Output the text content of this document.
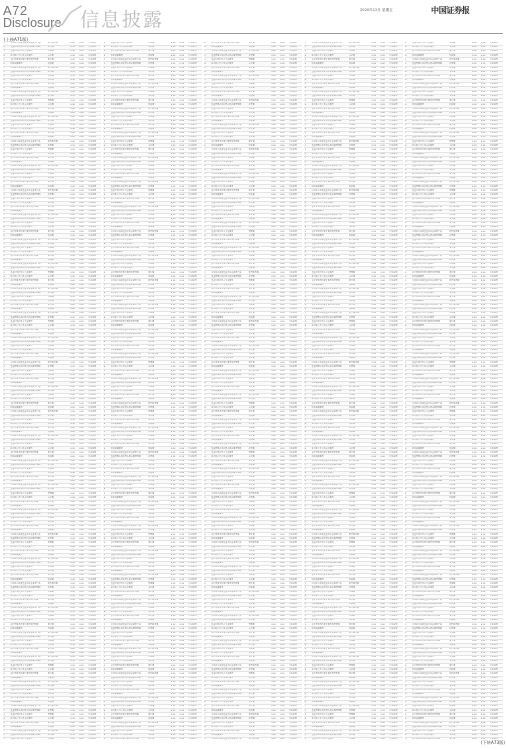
A72
Disclosure 信息披露	2020年12月 星期五	中国证券报
(上接A71版)
1	中国证券投资基金业协会备案产品	销售服务费	0.00	0.00	详见说明
2	基金管理人及托管人相关费用明细	托管费	0.25	0.10	详见说明
3	基金份额持有人大会费用	管理费	0.50	0.20	详见说明
4	证券账户开户及交易费用	交易费	0.30	0.05	详见说明
5	会计师事务所审计费用及律师费	审计费	0.00	0.00	详见说明
6	信息披露费用	信披费	0.00	0.00	详见说明
1	中国证券投资基金业协会备案产品	销售服务费	0.00	0.00	详见说明
2	基金管理人及托管人相关费用明细	托管费	0.25	0.10	详见说明
3	基金份额持有人大会费用	管理费	0.50	0.20	详见说明
4	证券账户开户及交易费用	交易费	0.30	0.05	详见说明
5	会计师事务所审计费用及律师费	审计费	0.00	0.00	详见说明
6	信息披露费用	信披费	0.00	0.00	详见说明
1	中国证券投资基金业协会备案产品	销售服务费	0.00	0.00	详见说明
2	基金管理人及托管人相关费用明细	托管费	0.25	0.10	详见说明
3	基金份额持有人大会费用	管理费	0.50	0.20	详见说明
4	证券账户开户及交易费用	交易费	0.30	0.05	详见说明
5	会计师事务所审计费用及律师费	审计费	0.00	0.00	详见说明
6	信息披露费用	信披费	0.00	0.00	详见说明
1	中国证券投资基金业协会备案产品	销售服务费	0.00	0.00	详见说明
2	基金管理人及托管人相关费用明细	托管费	0.25	0.10	详见说明
3	基金份额持有人大会费用	管理费	0.50	0.20	详见说明
4	证券账户开户及交易费用	交易费	0.30	0.05	详见说明
5	会计师事务所审计费用及律师费	审计费	0.00	0.00	详见说明
6	信息披露费用	信披费	0.00	0.00	详见说明
1	中国证券投资基金业协会备案产品	销售服务费	0.00	0.00	详见说明
2	基金管理人及托管人相关费用明细	托管费	0.25	0.10	详见说明
3	基金份额持有人大会费用	管理费	0.50	0.20	详见说明
4	证券账户开户及交易费用	交易费	0.30	0.05	详见说明
5	会计师事务所审计费用及律师费	审计费	0.00	0.00	详见说明
6	信息披露费用	信披费	0.00	0.00	详见说明
1	中国证券投资基金业协会备案产品	销售服务费	0.00	0.00	详见说明
2	基金管理人及托管人相关费用明细	托管费	0.25	0.10	详见说明
3	基金份额持有人大会费用	管理费	0.50	0.20	详见说明
4	证券账户开户及交易费用	交易费	0.30	0.05	详见说明
5	会计师事务所审计费用及律师费	审计费	0.00	0.00	详见说明
6	信息披露费用	信披费	0.00	0.00	详见说明
1	中国证券投资基金业协会备案产品	销售服务费	0.00	0.00	详见说明
2	基金管理人及托管人相关费用明细	托管费	0.25	0.10	详见说明
3	基金份额持有人大会费用	管理费	0.50	0.20	详见说明
4	证券账户开户及交易费用	交易费	0.30	0.05	详见说明
5	会计师事务所审计费用及律师费	审计费	0.00	0.00	详见说明
6	信息披露费用	信披费	0.00	0.00	详见说明
1	中国证券投资基金业协会备案产品	销售服务费	0.00	0.00	详见说明
2	基金管理人及托管人相关费用明细	托管费	0.25	0.10	详见说明
3	基金份额持有人大会费用	管理费	0.50	0.20	详见说明
4	证券账户开户及交易费用	交易费	0.30	0.05	详见说明
5	会计师事务所审计费用及律师费	审计费	0.00	0.00	详见说明
6	信息披露费用	信披费	0.00	0.00	详见说明
1	中国证券投资基金业协会备案产品	销售服务费	0.00	0.00	详见说明
2	基金管理人及托管人相关费用明细	托管费	0.25	0.10	详见说明
3	基金份额持有人大会费用	管理费	0.50	0.20	详见说明
4	证券账户开户及交易费用	交易费	0.30	0.05	详见说明
5	会计师事务所审计费用及律师费	审计费	0.00	0.00	详见说明
6	信息披露费用	信披费	0.00	0.00	详见说明
1	中国证券投资基金业协会备案产品	销售服务费	0.00	0.00	详见说明
2	基金管理人及托管人相关费用明细	托管费	0.25	0.10	详见说明
3	基金份额持有人大会费用	管理费	0.50	0.20	详见说明
4	证券账户开户及交易费用	交易费	0.30	0.05	详见说明
5	会计师事务所审计费用及律师费	审计费	0.00	0.00	详见说明
6	信息披露费用	信披费	0.00	0.00	详见说明
1	中国证券投资基金业协会备案产品	销售服务费	0.00	0.00	详见说明
2	基金管理人及托管人相关费用明细	托管费	0.25	0.10	详见说明
3	基金份额持有人大会费用	管理费	0.50	0.20	详见说明
4	证券账户开户及交易费用	交易费	0.30	0.05	详见说明
5	会计师事务所审计费用及律师费	审计费	0.00	0.00	详见说明
6	信息披露费用	信披费	0.00	0.00	详见说明
1	中国证券投资基金业协会备案产品	销售服务费	0.00	0.00	详见说明
2	基金管理人及托管人相关费用明细	托管费	0.25	0.10	详见说明
3	基金份额持有人大会费用	管理费	0.50	0.20	详见说明
4	证券账户开户及交易费用	交易费	0.30	0.05	详见说明
5	会计师事务所审计费用及律师费	审计费	0.00	0.00	详见说明
6	信息披露费用	信披费	0.00	0.00	详见说明
1	中国证券投资基金业协会备案产品	销售服务费	0.00	0.00	详见说明
2	基金管理人及托管人相关费用明细	托管费	0.25	0.10	详见说明
3	基金份额持有人大会费用	管理费	0.50	0.20	详见说明
4	证券账户开户及交易费用	交易费	0.30	0.05	详见说明
5	会计师事务所审计费用及律师费	审计费	0.00	0.00	详见说明
6	信息披露费用	信披费	0.00	0.00	详见说明
1	中国证券投资基金业协会备案产品	销售服务费	0.00	0.00	详见说明
2	基金管理人及托管人相关费用明细	托管费	0.25	0.10	详见说明
3	基金份额持有人大会费用	管理费	0.50	0.20	详见说明
4	证券账户开户及交易费用	交易费	0.30	0.05	详见说明
5	会计师事务所审计费用及律师费	审计费	0.00	0.00	详见说明
6	信息披露费用	信披费	0.00	0.00	详见说明
1	中国证券投资基金业协会备案产品	销售服务费	0.00	0.00	详见说明
2	基金管理人及托管人相关费用明细	托管费	0.25	0.10	详见说明
3	基金份额持有人大会费用	管理费	0.50	0.20	详见说明
4	证券账户开户及交易费用	交易费	0.30	0.05	详见说明
5	会计师事务所审计费用及律师费	审计费	0.00	0.00	详见说明
6	信息披露费用	信披费	0.00	0.00	详见说明
1	中国证券投资基金业协会备案产品	销售服务费	0.00	0.00	详见说明
2	基金管理人及托管人相关费用明细	托管费	0.25	0.10	详见说明
3	基金份额持有人大会费用	管理费	0.50	0.20	详见说明
4	证券账户开户及交易费用	交易费	0.30	0.05	详见说明
5	会计师事务所审计费用及律师费	审计费	0.00	0.00	详见说明
6	信息披露费用	信披费	0.00	0.00	详见说明
1	中国证券投资基金业协会备案产品	销售服务费	0.00	0.00	详见说明
2	基金管理人及托管人相关费用明细	托管费	0.25	0.10	详见说明
3	基金份额持有人大会费用	管理费	0.50	0.20	详见说明
4	证券账户开户及交易费用	交易费	0.30	0.05	详见说明
5	会计师事务所审计费用及律师费	审计费	0.00	0.00	详见说明
6	信息披露费用	信披费	0.00	0.00	详见说明
1	中国证券投资基金业协会备案产品	销售服务费	0.00	0.00	详见说明
2	基金管理人及托管人相关费用明细	托管费	0.25	0.10	详见说明
3	基金份额持有人大会费用	管理费	0.50	0.20	详见说明
4	证券账户开户及交易费用	交易费	0.30	0.05	详见说明
5	会计师事务所审计费用及律师费	审计费	0.00	0.00	详见说明
6	信息披露费用	信披费	0.00	0.00	详见说明
1	中国证券投资基金业协会备案产品	销售服务费	0.00	0.00	详见说明
2	基金管理人及托管人相关费用明细	托管费	0.25	0.10	详见说明
3	基金份额持有人大会费用	管理费	0.50	0.20	详见说明
4	证券账户开户及交易费用	交易费	0.30	0.05	详见说明
5	会计师事务所审计费用及律师费	审计费	0.00	0.00	详见说明
6	信息披露费用	信披费	0.00	0.00	详见说明
1	中国证券投资基金业协会备案产品	销售服务费	0.00	0.00	详见说明
2	基金管理人及托管人相关费用明细	托管费	0.25	0.10	详见说明
3	基金份额持有人大会费用	管理费	0.50	0.20	详见说明
4	证券账户开户及交易费用	交易费	0.30	0.05	详见说明
5	会计师事务所审计费用及律师费	审计费	0.00	0.00	详见说明
6	信息披露费用	信披费	0.00	0.00	详见说明
1	中国证券投资基金业协会备案产品	销售服务费	0.00	0.00	详见说明
2	基金管理人及托管人相关费用明细	托管费	0.25	0.10	详见说明
3	基金份额持有人大会费用	管理费	0.50	0.20	详见说明
4	证券账户开户及交易费用	交易费	0.30	0.05	详见说明
5	会计师事务所审计费用及律师费	审计费	0.00	0.00	详见说明
6	信息披露费用	信披费	0.00	0.00	详见说明
1	中国证券投资基金业协会备案产品	销售服务费	0.00	0.00	详见说明
2	基金管理人及托管人相关费用明细	托管费	0.25	0.10	详见说明
3	基金份额持有人大会费用	管理费	0.50	0.20	详见说明
4	证券账户开户及交易费用	交易费	0.30	0.05	详见说明
5	会计师事务所审计费用及律师费	审计费	0.00	0.00	详见说明
6	信息披露费用	信披费	0.00	0.00	详见说明
1	中国证券投资基金业协会备案产品	销售服务费	0.00	0.00	详见说明
2	基金管理人及托管人相关费用明细	托管费	0.25	0.10	详见说明
3	基金份额持有人大会费用	管理费	0.50	0.20	详见说明
4	证券账户开户及交易费用	交易费	0.30	0.05	详见说明
5	会计师事务所审计费用及律师费	审计费	0.00	0.00	详见说明
6	信息披露费用	信披费	0.00	0.00	详见说明
1	中国证券投资基金业协会备案产品	销售服务费	0.00	0.00	详见说明
2	基金管理人及托管人相关费用明细	托管费	0.25	0.10	详见说明
3	基金份额持有人大会费用	管理费	0.50	0.20	详见说明
4	证券账户开户及交易费用	交易费	0.30	0.05	详见说明
5	会计师事务所审计费用及律师费	审计费	0.00	0.00	详见说明
6	信息披露费用	信披费	0.00	0.00	详见说明
1	中国证券投资基金业协会备案产品	销售服务费	0.00	0.00	详见说明
2	基金管理人及托管人相关费用明细	托管费	0.25	0.10	详见说明
3	基金份额持有人大会费用	管理费	0.50	0.20	详见说明
4	证券账户开户及交易费用	交易费	0.30	0.05	详见说明
5	会计师事务所审计费用及律师费	审计费	0.00	0.00	详见说明
6	信息披露费用	信披费	0.00	0.00	详见说明
1	中国证券投资基金业协会备案产品	销售服务费	0.00	0.00	详见说明
2	基金管理人及托管人相关费用明细	托管费	0.25	0.10	详见说明
3	基金份额持有人大会费用	管理费	0.50	0.20	详见说明
4	证券账户开户及交易费用	交易费	0.30	0.05	详见说明
5	会计师事务所审计费用及律师费	审计费	0.00	0.00	详见说明
6	信息披露费用	信披费	0.00	0.00	详见说明
1	中国证券投资基金业协会备案产品	销售服务费	0.00	0.00	详见说明
2	基金管理人及托管人相关费用明细	托管费	0.25	0.10	详见说明
3	基金份额持有人大会费用	管理费	0.50	0.20	详见说明
4	证券账户开户及交易费用	交易费	0.30	0.05	详见说明
5	会计师事务所审计费用及律师费	审计费	0.00	0.00	详见说明
6	信息披露费用	信披费	0.00	0.00	详见说明
1	中国证券投资基金业协会备案产品	销售服务费	0.00	0.00	详见说明
2	基金管理人及托管人相关费用明细	托管费	0.25	0.10	详见说明
3	基金份额持有人大会费用	管理费	0.50	0.20	详见说明
4	证券账户开户及交易费用	交易费	0.30	0.05	详见说明
5	会计师事务所审计费用及律师费	审计费	0.00	0.00	详见说明
6	信息披露费用	信披费	0.00	0.00	详见说明
1	中国证券投资基金业协会备案产品	销售服务费	0.00	0.00	详见说明
2	基金管理人及托管人相关费用明细	托管费	0.25	0.10	详见说明
3	基金份额持有人大会费用	管理费	0.50	0.20	详见说明

3	基金份额持有人大会费用	管理费	0.50	0.20	详见说明
4	证券账户开户及交易费用	交易费	0.30	0.05	详见说明
5	会计师事务所审计费用及律师费	审计费	0.00	0.00	详见说明
6	信息披露费用	信披费	0.00	0.00	详见说明
1	中国证券投资基金业协会备案产品	销售服务费	0.00	0.00	详见说明
2	基金管理人及托管人相关费用明细	托管费	0.25	0.10	详见说明
3	基金份额持有人大会费用	管理费	0.50	0.20	详见说明
4	证券账户开户及交易费用	交易费	0.30	0.05	详见说明
5	会计师事务所审计费用及律师费	审计费	0.00	0.00	详见说明
6	信息披露费用	信披费	0.00	0.00	详见说明
1	中国证券投资基金业协会备案产品	销售服务费	0.00	0.00	详见说明
2	基金管理人及托管人相关费用明细	托管费	0.25	0.10	详见说明
3	基金份额持有人大会费用	管理费	0.50	0.20	详见说明
4	证券账户开户及交易费用	交易费	0.30	0.05	详见说明
5	会计师事务所审计费用及律师费	审计费	0.00	0.00	详见说明
6	信息披露费用	信披费	0.00	0.00	详见说明
1	中国证券投资基金业协会备案产品	销售服务费	0.00	0.00	详见说明
2	基金管理人及托管人相关费用明细	托管费	0.25	0.10	详见说明
3	基金份额持有人大会费用	管理费	0.50	0.20	详见说明
4	证券账户开户及交易费用	交易费	0.30	0.05	详见说明
5	会计师事务所审计费用及律师费	审计费	0.00	0.00	详见说明
6	信息披露费用	信披费	0.00	0.00	详见说明
1	中国证券投资基金业协会备案产品	销售服务费	0.00	0.00	详见说明
2	基金管理人及托管人相关费用明细	托管费	0.25	0.10	详见说明
3	基金份额持有人大会费用	管理费	0.50	0.20	详见说明
4	证券账户开户及交易费用	交易费	0.30	0.05	详见说明
5	会计师事务所审计费用及律师费	审计费	0.00	0.00	详见说明
6	信息披露费用	信披费	0.00	0.00	详见说明
1	中国证券投资基金业协会备案产品	销售服务费	0.00	0.00	详见说明
2	基金管理人及托管人相关费用明细	托管费	0.25	0.10	详见说明
3	基金份额持有人大会费用	管理费	0.50	0.20	详见说明
4	证券账户开户及交易费用	交易费	0.30	0.05	详见说明
5	会计师事务所审计费用及律师费	审计费	0.00	0.00	详见说明
6	信息披露费用	信披费	0.00	0.00	详见说明
1	中国证券投资基金业协会备案产品	销售服务费	0.00	0.00	详见说明
2	基金管理人及托管人相关费用明细	托管费	0.25	0.10	详见说明
3	基金份额持有人大会费用	管理费	0.50	0.20	详见说明
4	证券账户开户及交易费用	交易费	0.30	0.05	详见说明
5	会计师事务所审计费用及律师费	审计费	0.00	0.00	详见说明
6	信息披露费用	信披费	0.00	0.00	详见说明
1	中国证券投资基金业协会备案产品	销售服务费	0.00	0.00	详见说明
2	基金管理人及托管人相关费用明细	托管费	0.25	0.10	详见说明
3	基金份额持有人大会费用	管理费	0.50	0.20	详见说明
4	证券账户开户及交易费用	交易费	0.30	0.05	详见说明
5	会计师事务所审计费用及律师费	审计费	0.00	0.00	详见说明
6	信息披露费用	信披费	0.00	0.00	详见说明
1	中国证券投资基金业协会备案产品	销售服务费	0.00	0.00	详见说明
2	基金管理人及托管人相关费用明细	托管费	0.25	0.10	详见说明
3	基金份额持有人大会费用	管理费	0.50	0.20	详见说明
4	证券账户开户及交易费用	交易费	0.30	0.05	详见说明
5	会计师事务所审计费用及律师费	审计费	0.00	0.00	详见说明
6	信息披露费用	信披费	0.00	0.00	详见说明
1	中国证券投资基金业协会备案产品	销售服务费	0.00	0.00	详见说明
2	基金管理人及托管人相关费用明细	托管费	0.25	0.10	详见说明
3	基金份额持有人大会费用	管理费	0.50	0.20	详见说明
4	证券账户开户及交易费用	交易费	0.30	0.05	详见说明
5	会计师事务所审计费用及律师费	审计费	0.00	0.00	详见说明
6	信息披露费用	信披费	0.00	0.00	详见说明
1	中国证券投资基金业协会备案产品	销售服务费	0.00	0.00	详见说明
2	基金管理人及托管人相关费用明细	托管费	0.25	0.10	详见说明
3	基金份额持有人大会费用	管理费	0.50	0.20	详见说明
4	证券账户开户及交易费用	交易费	0.30	0.05	详见说明
5	会计师事务所审计费用及律师费	审计费	0.00	0.00	详见说明
6	信息披露费用	信披费	0.00	0.00	详见说明
1	中国证券投资基金业协会备案产品	销售服务费	0.00	0.00	详见说明
2	基金管理人及托管人相关费用明细	托管费	0.25	0.10	详见说明
3	基金份额持有人大会费用	管理费	0.50	0.20	详见说明
4	证券账户开户及交易费用	交易费	0.30	0.05	详见说明
5	会计师事务所审计费用及律师费	审计费	0.00	0.00	详见说明
6	信息披露费用	信披费	0.00	0.00	详见说明
1	中国证券投资基金业协会备案产品	销售服务费	0.00	0.00	详见说明
2	基金管理人及托管人相关费用明细	托管费	0.25	0.10	详见说明
3	基金份额持有人大会费用	管理费	0.50	0.20	详见说明
4	证券账户开户及交易费用	交易费	0.30	0.05	详见说明
5	会计师事务所审计费用及律师费	审计费	0.00	0.00	详见说明
6	信息披露费用	信披费	0.00	0.00	详见说明
1	中国证券投资基金业协会备案产品	销售服务费	0.00	0.00	详见说明
2	基金管理人及托管人相关费用明细	托管费	0.25	0.10	详见说明
3	基金份额持有人大会费用	管理费	0.50	0.20	详见说明
4	证券账户开户及交易费用	交易费	0.30	0.05	详见说明
5	会计师事务所审计费用及律师费	审计费	0.00	0.00	详见说明
6	信息披露费用	信披费	0.00	0.00	详见说明
1	中国证券投资基金业协会备案产品	销售服务费	0.00	0.00	详见说明
2	基金管理人及托管人相关费用明细	托管费	0.25	0.10	详见说明
3	基金份额持有人大会费用	管理费	0.50	0.20	详见说明
4	证券账户开户及交易费用	交易费	0.30	0.05	详见说明
5	会计师事务所审计费用及律师费	审计费	0.00	0.00	详见说明
6	信息披露费用	信披费	0.00	0.00	详见说明
1	中国证券投资基金业协会备案产品	销售服务费	0.00	0.00	详见说明
2	基金管理人及托管人相关费用明细	托管费	0.25	0.10	详见说明
3	基金份额持有人大会费用	管理费	0.50	0.20	详见说明
4	证券账户开户及交易费用	交易费	0.30	0.05	详见说明
5	会计师事务所审计费用及律师费	审计费	0.00	0.00	详见说明
6	信息披露费用	信披费	0.00	0.00	详见说明
1	中国证券投资基金业协会备案产品	销售服务费	0.00	0.00	详见说明
2	基金管理人及托管人相关费用明细	托管费	0.25	0.10	详见说明
3	基金份额持有人大会费用	管理费	0.50	0.20	详见说明
4	证券账户开户及交易费用	交易费	0.30	0.05	详见说明
5	会计师事务所审计费用及律师费	审计费	0.00	0.00	详见说明
6	信息披露费用	信披费	0.00	0.00	详见说明
1	中国证券投资基金业协会备案产品	销售服务费	0.00	0.00	详见说明
2	基金管理人及托管人相关费用明细	托管费	0.25	0.10	详见说明
3	基金份额持有人大会费用	管理费	0.50	0.20	详见说明
4	证券账户开户及交易费用	交易费	0.30	0.05	详见说明
5	会计师事务所审计费用及律师费	审计费	0.00	0.00	详见说明
6	信息披露费用	信披费	0.00	0.00	详见说明
1	中国证券投资基金业协会备案产品	销售服务费	0.00	0.00	详见说明
2	基金管理人及托管人相关费用明细	托管费	0.25	0.10	详见说明
3	基金份额持有人大会费用	管理费	0.50	0.20	详见说明
4	证券账户开户及交易费用	交易费	0.30	0.05	详见说明
5	会计师事务所审计费用及律师费	审计费	0.00	0.00	详见说明
6	信息披露费用	信披费	0.00	0.00	详见说明
1	中国证券投资基金业协会备案产品	销售服务费	0.00	0.00	详见说明
2	基金管理人及托管人相关费用明细	托管费	0.25	0.10	详见说明
3	基金份额持有人大会费用	管理费	0.50	0.20	详见说明
4	证券账户开户及交易费用	交易费	0.30	0.05	详见说明
5	会计师事务所审计费用及律师费	审计费	0.00	0.00	详见说明
6	信息披露费用	信披费	0.00	0.00	详见说明
1	中国证券投资基金业协会备案产品	销售服务费	0.00	0.00	详见说明
2	基金管理人及托管人相关费用明细	托管费	0.25	0.10	详见说明
3	基金份额持有人大会费用	管理费	0.50	0.20	详见说明
4	证券账户开户及交易费用	交易费	0.30	0.05	详见说明
5	会计师事务所审计费用及律师费	审计费	0.00	0.00	详见说明
6	信息披露费用	信披费	0.00	0.00	详见说明
1	中国证券投资基金业协会备案产品	销售服务费	0.00	0.00	详见说明
2	基金管理人及托管人相关费用明细	托管费	0.25	0.10	详见说明
3	基金份额持有人大会费用	管理费	0.50	0.20	详见说明
4	证券账户开户及交易费用	交易费	0.30	0.05	详见说明
5	会计师事务所审计费用及律师费	审计费	0.00	0.00	详见说明
6	信息披露费用	信披费	0.00	0.00	详见说明
1	中国证券投资基金业协会备案产品	销售服务费	0.00	0.00	详见说明
2	基金管理人及托管人相关费用明细	托管费	0.25	0.10	详见说明
3	基金份额持有人大会费用	管理费	0.50	0.20	详见说明
4	证券账户开户及交易费用	交易费	0.30	0.05	详见说明
5	会计师事务所审计费用及律师费	审计费	0.00	0.00	详见说明
6	信息披露费用	信披费	0.00	0.00	详见说明
1	中国证券投资基金业协会备案产品	销售服务费	0.00	0.00	详见说明
2	基金管理人及托管人相关费用明细	托管费	0.25	0.10	详见说明
3	基金份额持有人大会费用	管理费	0.50	0.20	详见说明
4	证券账户开户及交易费用	交易费	0.30	0.05	详见说明
5	会计师事务所审计费用及律师费	审计费	0.00	0.00	详见说明
6	信息披露费用	信披费	0.00	0.00	详见说明
1	中国证券投资基金业协会备案产品	销售服务费	0.00	0.00	详见说明
2	基金管理人及托管人相关费用明细	托管费	0.25	0.10	详见说明
3	基金份额持有人大会费用	管理费	0.50	0.20	详见说明
4	证券账户开户及交易费用	交易费	0.30	0.05	详见说明
5	会计师事务所审计费用及律师费	审计费	0.00	0.00	详见说明
6	信息披露费用	信披费	0.00	0.00	详见说明
1	中国证券投资基金业协会备案产品	销售服务费	0.00	0.00	详见说明
2	基金管理人及托管人相关费用明细	托管费	0.25	0.10	详见说明
3	基金份额持有人大会费用	管理费	0.50	0.20	详见说明
4	证券账户开户及交易费用	交易费	0.30	0.05	详见说明
5	会计师事务所审计费用及律师费	审计费	0.00	0.00	详见说明
6	信息披露费用	信披费	0.00	0.00	详见说明
1	中国证券投资基金业协会备案产品	销售服务费	0.00	0.00	详见说明
2	基金管理人及托管人相关费用明细	托管费	0.25	0.10	详见说明
3	基金份额持有人大会费用	管理费	0.50	0.20	详见说明
4	证券账户开户及交易费用	交易费	0.30	0.05	详见说明
5	会计师事务所审计费用及律师费	审计费	0.00	0.00	详见说明
6	信息披露费用	信披费	0.00	0.00	详见说明
1	中国证券投资基金业协会备案产品	销售服务费	0.00	0.00	详见说明
2	基金管理人及托管人相关费用明细	托管费	0.25	0.10	详见说明
3	基金份额持有人大会费用	管理费	0.50	0.20	详见说明
4	证券账户开户及交易费用	交易费	0.30	0.05	详见说明
5	会计师事务所审计费用及律师费	审计费	0.00	0.00	详见说明
6	信息披露费用	信披费	0.00	0.00	详见说明
1	中国证券投资基金业协会备案产品	销售服务费	0.00	0.00	详见说明
2	基金管理人及托管人相关费用明细	托管费	0.25	0.10	详见说明
3	基金份额持有人大会费用	管理费	0.50	0.20	详见说明
4	证券账户开户及交易费用	交易费	0.30	0.05	详见说明
5	会计师事务所审计费用及律师费	审计费	0.00	0.00	详见说明

5	会计师事务所审计费用及律师费	审计费	0.00	0.00	详见说明
6	信息披露费用	信披费	0.00	0.00	详见说明
1	中国证券投资基金业协会备案产品	销售服务费	0.00	0.00	详见说明
2	基金管理人及托管人相关费用明细	托管费	0.25	0.10	详见说明
3	基金份额持有人大会费用	管理费	0.50	0.20	详见说明
4	证券账户开户及交易费用	交易费	0.30	0.05	详见说明
5	会计师事务所审计费用及律师费	审计费	0.00	0.00	详见说明
6	信息披露费用	信披费	0.00	0.00	详见说明
1	中国证券投资基金业协会备案产品	销售服务费	0.00	0.00	详见说明
2	基金管理人及托管人相关费用明细	托管费	0.25	0.10	详见说明
3	基金份额持有人大会费用	管理费	0.50	0.20	详见说明
4	证券账户开户及交易费用	交易费	0.30	0.05	详见说明
5	会计师事务所审计费用及律师费	审计费	0.00	0.00	详见说明
6	信息披露费用	信披费	0.00	0.00	详见说明
1	中国证券投资基金业协会备案产品	销售服务费	0.00	0.00	详见说明
2	基金管理人及托管人相关费用明细	托管费	0.25	0.10	详见说明
3	基金份额持有人大会费用	管理费	0.50	0.20	详见说明
4	证券账户开户及交易费用	交易费	0.30	0.05	详见说明
5	会计师事务所审计费用及律师费	审计费	0.00	0.00	详见说明
6	信息披露费用	信披费	0.00	0.00	详见说明
1	中国证券投资基金业协会备案产品	销售服务费	0.00	0.00	详见说明
2	基金管理人及托管人相关费用明细	托管费	0.25	0.10	详见说明
3	基金份额持有人大会费用	管理费	0.50	0.20	详见说明
4	证券账户开户及交易费用	交易费	0.30	0.05	详见说明
5	会计师事务所审计费用及律师费	审计费	0.00	0.00	详见说明
6	信息披露费用	信披费	0.00	0.00	详见说明
1	中国证券投资基金业协会备案产品	销售服务费	0.00	0.00	详见说明
2	基金管理人及托管人相关费用明细	托管费	0.25	0.10	详见说明
3	基金份额持有人大会费用	管理费	0.50	0.20	详见说明
4	证券账户开户及交易费用	交易费	0.30	0.05	详见说明
5	会计师事务所审计费用及律师费	审计费	0.00	0.00	详见说明
6	信息披露费用	信披费	0.00	0.00	详见说明
1	中国证券投资基金业协会备案产品	销售服务费	0.00	0.00	详见说明
2	基金管理人及托管人相关费用明细	托管费	0.25	0.10	详见说明
3	基金份额持有人大会费用	管理费	0.50	0.20	详见说明
4	证券账户开户及交易费用	交易费	0.30	0.05	详见说明
5	会计师事务所审计费用及律师费	审计费	0.00	0.00	详见说明
6	信息披露费用	信披费	0.00	0.00	详见说明
1	中国证券投资基金业协会备案产品	销售服务费	0.00	0.00	详见说明
2	基金管理人及托管人相关费用明细	托管费	0.25	0.10	详见说明
3	基金份额持有人大会费用	管理费	0.50	0.20	详见说明
4	证券账户开户及交易费用	交易费	0.30	0.05	详见说明
5	会计师事务所审计费用及律师费	审计费	0.00	0.00	详见说明
6	信息披露费用	信披费	0.00	0.00	详见说明
1	中国证券投资基金业协会备案产品	销售服务费	0.00	0.00	详见说明
2	基金管理人及托管人相关费用明细	托管费	0.25	0.10	详见说明
3	基金份额持有人大会费用	管理费	0.50	0.20	详见说明
4	证券账户开户及交易费用	交易费	0.30	0.05	详见说明
5	会计师事务所审计费用及律师费	审计费	0.00	0.00	详见说明
6	信息披露费用	信披费	0.00	0.00	详见说明
1	中国证券投资基金业协会备案产品	销售服务费	0.00	0.00	详见说明
2	基金管理人及托管人相关费用明细	托管费	0.25	0.10	详见说明
3	基金份额持有人大会费用	管理费	0.50	0.20	详见说明
4	证券账户开户及交易费用	交易费	0.30	0.05	详见说明
5	会计师事务所审计费用及律师费	审计费	0.00	0.00	详见说明
6	信息披露费用	信披费	0.00	0.00	详见说明
1	中国证券投资基金业协会备案产品	销售服务费	0.00	0.00	详见说明
2	基金管理人及托管人相关费用明细	托管费	0.25	0.10	详见说明
3	基金份额持有人大会费用	管理费	0.50	0.20	详见说明
4	证券账户开户及交易费用	交易费	0.30	0.05	详见说明
5	会计师事务所审计费用及律师费	审计费	0.00	0.00	详见说明
6	信息披露费用	信披费	0.00	0.00	详见说明
1	中国证券投资基金业协会备案产品	销售服务费	0.00	0.00	详见说明
2	基金管理人及托管人相关费用明细	托管费	0.25	0.10	详见说明
3	基金份额持有人大会费用	管理费	0.50	0.20	详见说明
4	证券账户开户及交易费用	交易费	0.30	0.05	详见说明
5	会计师事务所审计费用及律师费	审计费	0.00	0.00	详见说明
6	信息披露费用	信披费	0.00	0.00	详见说明
1	中国证券投资基金业协会备案产品	销售服务费	0.00	0.00	详见说明
2	基金管理人及托管人相关费用明细	托管费	0.25	0.10	详见说明
3	基金份额持有人大会费用	管理费	0.50	0.20	详见说明
4	证券账户开户及交易费用	交易费	0.30	0.05	详见说明
5	会计师事务所审计费用及律师费	审计费	0.00	0.00	详见说明
6	信息披露费用	信披费	0.00	0.00	详见说明
1	中国证券投资基金业协会备案产品	销售服务费	0.00	0.00	详见说明
2	基金管理人及托管人相关费用明细	托管费	0.25	0.10	详见说明
3	基金份额持有人大会费用	管理费	0.50	0.20	详见说明
4	证券账户开户及交易费用	交易费	0.30	0.05	详见说明
5	会计师事务所审计费用及律师费	审计费	0.00	0.00	详见说明
6	信息披露费用	信披费	0.00	0.00	详见说明
1	中国证券投资基金业协会备案产品	销售服务费	0.00	0.00	详见说明
2	基金管理人及托管人相关费用明细	托管费	0.25	0.10	详见说明
3	基金份额持有人大会费用	管理费	0.50	0.20	详见说明
4	证券账户开户及交易费用	交易费	0.30	0.05	详见说明
5	会计师事务所审计费用及律师费	审计费	0.00	0.00	详见说明
6	信息披露费用	信披费	0.00	0.00	详见说明
1	中国证券投资基金业协会备案产品	销售服务费	0.00	0.00	详见说明
2	基金管理人及托管人相关费用明细	托管费	0.25	0.10	详见说明
3	基金份额持有人大会费用	管理费	0.50	0.20	详见说明
4	证券账户开户及交易费用	交易费	0.30	0.05	详见说明
5	会计师事务所审计费用及律师费	审计费	0.00	0.00	详见说明
6	信息披露费用	信披费	0.00	0.00	详见说明
1	中国证券投资基金业协会备案产品	销售服务费	0.00	0.00	详见说明
2	基金管理人及托管人相关费用明细	托管费	0.25	0.10	详见说明
3	基金份额持有人大会费用	管理费	0.50	0.20	详见说明
4	证券账户开户及交易费用	交易费	0.30	0.05	详见说明
5	会计师事务所审计费用及律师费	审计费	0.00	0.00	详见说明
6	信息披露费用	信披费	0.00	0.00	详见说明
1	中国证券投资基金业协会备案产品	销售服务费	0.00	0.00	详见说明
2	基金管理人及托管人相关费用明细	托管费	0.25	0.10	详见说明
3	基金份额持有人大会费用	管理费	0.50	0.20	详见说明
4	证券账户开户及交易费用	交易费	0.30	0.05	详见说明
5	会计师事务所审计费用及律师费	审计费	0.00	0.00	详见说明
6	信息披露费用	信披费	0.00	0.00	详见说明
1	中国证券投资基金业协会备案产品	销售服务费	0.00	0.00	详见说明
2	基金管理人及托管人相关费用明细	托管费	0.25	0.10	详见说明
3	基金份额持有人大会费用	管理费	0.50	0.20	详见说明
4	证券账户开户及交易费用	交易费	0.30	0.05	详见说明
5	会计师事务所审计费用及律师费	审计费	0.00	0.00	详见说明
6	信息披露费用	信披费	0.00	0.00	详见说明
1	中国证券投资基金业协会备案产品	销售服务费	0.00	0.00	详见说明
2	基金管理人及托管人相关费用明细	托管费	0.25	0.10	详见说明
3	基金份额持有人大会费用	管理费	0.50	0.20	详见说明
4	证券账户开户及交易费用	交易费	0.30	0.05	详见说明
5	会计师事务所审计费用及律师费	审计费	0.00	0.00	详见说明
6	信息披露费用	信披费	0.00	0.00	详见说明
1	中国证券投资基金业协会备案产品	销售服务费	0.00	0.00	详见说明
2	基金管理人及托管人相关费用明细	托管费	0.25	0.10	详见说明
3	基金份额持有人大会费用	管理费	0.50	0.20	详见说明
4	证券账户开户及交易费用	交易费	0.30	0.05	详见说明
5	会计师事务所审计费用及律师费	审计费	0.00	0.00	详见说明
6	信息披露费用	信披费	0.00	0.00	详见说明
1	中国证券投资基金业协会备案产品	销售服务费	0.00	0.00	详见说明
2	基金管理人及托管人相关费用明细	托管费	0.25	0.10	详见说明
3	基金份额持有人大会费用	管理费	0.50	0.20	详见说明
4	证券账户开户及交易费用	交易费	0.30	0.05	详见说明
5	会计师事务所审计费用及律师费	审计费	0.00	0.00	详见说明
6	信息披露费用	信披费	0.00	0.00	详见说明
1	中国证券投资基金业协会备案产品	销售服务费	0.00	0.00	详见说明
2	基金管理人及托管人相关费用明细	托管费	0.25	0.10	详见说明
3	基金份额持有人大会费用	管理费	0.50	0.20	详见说明
4	证券账户开户及交易费用	交易费	0.30	0.05	详见说明
5	会计师事务所审计费用及律师费	审计费	0.00	0.00	详见说明
6	信息披露费用	信披费	0.00	0.00	详见说明
1	中国证券投资基金业协会备案产品	销售服务费	0.00	0.00	详见说明
2	基金管理人及托管人相关费用明细	托管费	0.25	0.10	详见说明
3	基金份额持有人大会费用	管理费	0.50	0.20	详见说明
4	证券账户开户及交易费用	交易费	0.30	0.05	详见说明
5	会计师事务所审计费用及律师费	审计费	0.00	0.00	详见说明
6	信息披露费用	信披费	0.00	0.00	详见说明
1	中国证券投资基金业协会备案产品	销售服务费	0.00	0.00	详见说明
2	基金管理人及托管人相关费用明细	托管费	0.25	0.10	详见说明
3	基金份额持有人大会费用	管理费	0.50	0.20	详见说明
4	证券账户开户及交易费用	交易费	0.30	0.05	详见说明
5	会计师事务所审计费用及律师费	审计费	0.00	0.00	详见说明
6	信息披露费用	信披费	0.00	0.00	详见说明
1	中国证券投资基金业协会备案产品	销售服务费	0.00	0.00	详见说明
2	基金管理人及托管人相关费用明细	托管费	0.25	0.10	详见说明
3	基金份额持有人大会费用	管理费	0.50	0.20	详见说明
4	证券账户开户及交易费用	交易费	0.30	0.05	详见说明
5	会计师事务所审计费用及律师费	审计费	0.00	0.00	详见说明
6	信息披露费用	信披费	0.00	0.00	详见说明
1	中国证券投资基金业协会备案产品	销售服务费	0.00	0.00	详见说明
2	基金管理人及托管人相关费用明细	托管费	0.25	0.10	详见说明
3	基金份额持有人大会费用	管理费	0.50	0.20	详见说明
4	证券账户开户及交易费用	交易费	0.30	0.05	详见说明
5	会计师事务所审计费用及律师费	审计费	0.00	0.00	详见说明
6	信息披露费用	信披费	0.00	0.00	详见说明
1	中国证券投资基金业协会备案产品	销售服务费	0.00	0.00	详见说明
2	基金管理人及托管人相关费用明细	托管费	0.25	0.10	详见说明
3	基金份额持有人大会费用	管理费	0.50	0.20	详见说明
4	证券账户开户及交易费用	交易费	0.30	0.05	详见说明
5	会计师事务所审计费用及律师费	审计费	0.00	0.00	详见说明
6	信息披露费用	信披费	0.00	0.00	详见说明
1	中国证券投资基金业协会备案产品	销售服务费	0.00	0.00	详见说明
2	基金管理人及托管人相关费用明细	托管费	0.25	0.10	详见说明
3	基金份额持有人大会费用	管理费	0.50	0.20	详见说明
4	证券账户开户及交易费用	交易费	0.30	0.05	详见说明
5	会计师事务所审计费用及律师费	审计费	0.00	0.00	详见说明
6	信息披露费用	信披费	0.00	0.00	详见说明
1	中国证券投资基金业协会备案产品	销售服务费	0.00	0.00	详见说明

1	中国证券投资基金业协会备案产品	销售服务费	0.00	0.00	详见说明
2	基金管理人及托管人相关费用明细	托管费	0.25	0.10	详见说明
3	基金份额持有人大会费用	管理费	0.50	0.20	详见说明
4	证券账户开户及交易费用	交易费	0.30	0.05	详见说明
5	会计师事务所审计费用及律师费	审计费	0.00	0.00	详见说明
6	信息披露费用	信披费	0.00	0.00	详见说明
1	中国证券投资基金业协会备案产品	销售服务费	0.00	0.00	详见说明
2	基金管理人及托管人相关费用明细	托管费	0.25	0.10	详见说明
3	基金份额持有人大会费用	管理费	0.50	0.20	详见说明
4	证券账户开户及交易费用	交易费	0.30	0.05	详见说明
5	会计师事务所审计费用及律师费	审计费	0.00	0.00	详见说明
6	信息披露费用	信披费	0.00	0.00	详见说明
1	中国证券投资基金业协会备案产品	销售服务费	0.00	0.00	详见说明
2	基金管理人及托管人相关费用明细	托管费	0.25	0.10	详见说明
3	基金份额持有人大会费用	管理费	0.50	0.20	详见说明
4	证券账户开户及交易费用	交易费	0.30	0.05	详见说明
5	会计师事务所审计费用及律师费	审计费	0.00	0.00	详见说明
6	信息披露费用	信披费	0.00	0.00	详见说明
1	中国证券投资基金业协会备案产品	销售服务费	0.00	0.00	详见说明
2	基金管理人及托管人相关费用明细	托管费	0.25	0.10	详见说明
3	基金份额持有人大会费用	管理费	0.50	0.20	详见说明
4	证券账户开户及交易费用	交易费	0.30	0.05	详见说明
5	会计师事务所审计费用及律师费	审计费	0.00	0.00	详见说明
6	信息披露费用	信披费	0.00	0.00	详见说明
1	中国证券投资基金业协会备案产品	销售服务费	0.00	0.00	详见说明
2	基金管理人及托管人相关费用明细	托管费	0.25	0.10	详见说明
3	基金份额持有人大会费用	管理费	0.50	0.20	详见说明
4	证券账户开户及交易费用	交易费	0.30	0.05	详见说明
5	会计师事务所审计费用及律师费	审计费	0.00	0.00	详见说明
6	信息披露费用	信披费	0.00	0.00	详见说明
1	中国证券投资基金业协会备案产品	销售服务费	0.00	0.00	详见说明
2	基金管理人及托管人相关费用明细	托管费	0.25	0.10	详见说明
3	基金份额持有人大会费用	管理费	0.50	0.20	详见说明
4	证券账户开户及交易费用	交易费	0.30	0.05	详见说明
5	会计师事务所审计费用及律师费	审计费	0.00	0.00	详见说明
6	信息披露费用	信披费	0.00	0.00	详见说明
1	中国证券投资基金业协会备案产品	销售服务费	0.00	0.00	详见说明
2	基金管理人及托管人相关费用明细	托管费	0.25	0.10	详见说明
3	基金份额持有人大会费用	管理费	0.50	0.20	详见说明
4	证券账户开户及交易费用	交易费	0.30	0.05	详见说明
5	会计师事务所审计费用及律师费	审计费	0.00	0.00	详见说明
6	信息披露费用	信披费	0.00	0.00	详见说明
1	中国证券投资基金业协会备案产品	销售服务费	0.00	0.00	详见说明
2	基金管理人及托管人相关费用明细	托管费	0.25	0.10	详见说明
3	基金份额持有人大会费用	管理费	0.50	0.20	详见说明
4	证券账户开户及交易费用	交易费	0.30	0.05	详见说明
5	会计师事务所审计费用及律师费	审计费	0.00	0.00	详见说明
6	信息披露费用	信披费	0.00	0.00	详见说明
1	中国证券投资基金业协会备案产品	销售服务费	0.00	0.00	详见说明
2	基金管理人及托管人相关费用明细	托管费	0.25	0.10	详见说明
3	基金份额持有人大会费用	管理费	0.50	0.20	详见说明
4	证券账户开户及交易费用	交易费	0.30	0.05	详见说明
5	会计师事务所审计费用及律师费	审计费	0.00	0.00	详见说明
6	信息披露费用	信披费	0.00	0.00	详见说明
1	中国证券投资基金业协会备案产品	销售服务费	0.00	0.00	详见说明
2	基金管理人及托管人相关费用明细	托管费	0.25	0.10	详见说明
3	基金份额持有人大会费用	管理费	0.50	0.20	详见说明
4	证券账户开户及交易费用	交易费	0.30	0.05	详见说明
5	会计师事务所审计费用及律师费	审计费	0.00	0.00	详见说明
6	信息披露费用	信披费	0.00	0.00	详见说明
1	中国证券投资基金业协会备案产品	销售服务费	0.00	0.00	详见说明
2	基金管理人及托管人相关费用明细	托管费	0.25	0.10	详见说明
3	基金份额持有人大会费用	管理费	0.50	0.20	详见说明
4	证券账户开户及交易费用	交易费	0.30	0.05	详见说明
5	会计师事务所审计费用及律师费	审计费	0.00	0.00	详见说明
6	信息披露费用	信披费	0.00	0.00	详见说明
1	中国证券投资基金业协会备案产品	销售服务费	0.00	0.00	详见说明
2	基金管理人及托管人相关费用明细	托管费	0.25	0.10	详见说明
3	基金份额持有人大会费用	管理费	0.50	0.20	详见说明
4	证券账户开户及交易费用	交易费	0.30	0.05	详见说明
5	会计师事务所审计费用及律师费	审计费	0.00	0.00	详见说明
6	信息披露费用	信披费	0.00	0.00	详见说明
1	中国证券投资基金业协会备案产品	销售服务费	0.00	0.00	详见说明
2	基金管理人及托管人相关费用明细	托管费	0.25	0.10	详见说明
3	基金份额持有人大会费用	管理费	0.50	0.20	详见说明
4	证券账户开户及交易费用	交易费	0.30	0.05	详见说明
5	会计师事务所审计费用及律师费	审计费	0.00	0.00	详见说明
6	信息披露费用	信披费	0.00	0.00	详见说明
1	中国证券投资基金业协会备案产品	销售服务费	0.00	0.00	详见说明
2	基金管理人及托管人相关费用明细	托管费	0.25	0.10	详见说明
3	基金份额持有人大会费用	管理费	0.50	0.20	详见说明
4	证券账户开户及交易费用	交易费	0.30	0.05	详见说明
5	会计师事务所审计费用及律师费	审计费	0.00	0.00	详见说明
6	信息披露费用	信披费	0.00	0.00	详见说明
1	中国证券投资基金业协会备案产品	销售服务费	0.00	0.00	详见说明
2	基金管理人及托管人相关费用明细	托管费	0.25	0.10	详见说明
3	基金份额持有人大会费用	管理费	0.50	0.20	详见说明
4	证券账户开户及交易费用	交易费	0.30	0.05	详见说明
5	会计师事务所审计费用及律师费	审计费	0.00	0.00	详见说明
6	信息披露费用	信披费	0.00	0.00	详见说明
1	中国证券投资基金业协会备案产品	销售服务费	0.00	0.00	详见说明
2	基金管理人及托管人相关费用明细	托管费	0.25	0.10	详见说明
3	基金份额持有人大会费用	管理费	0.50	0.20	详见说明
4	证券账户开户及交易费用	交易费	0.30	0.05	详见说明
5	会计师事务所审计费用及律师费	审计费	0.00	0.00	详见说明
6	信息披露费用	信披费	0.00	0.00	详见说明
1	中国证券投资基金业协会备案产品	销售服务费	0.00	0.00	详见说明
2	基金管理人及托管人相关费用明细	托管费	0.25	0.10	详见说明
3	基金份额持有人大会费用	管理费	0.50	0.20	详见说明
4	证券账户开户及交易费用	交易费	0.30	0.05	详见说明
5	会计师事务所审计费用及律师费	审计费	0.00	0.00	详见说明
6	信息披露费用	信披费	0.00	0.00	详见说明
1	中国证券投资基金业协会备案产品	销售服务费	0.00	0.00	详见说明
2	基金管理人及托管人相关费用明细	托管费	0.25	0.10	详见说明
3	基金份额持有人大会费用	管理费	0.50	0.20	详见说明
4	证券账户开户及交易费用	交易费	0.30	0.05	详见说明
5	会计师事务所审计费用及律师费	审计费	0.00	0.00	详见说明
6	信息披露费用	信披费	0.00	0.00	详见说明
1	中国证券投资基金业协会备案产品	销售服务费	0.00	0.00	详见说明
2	基金管理人及托管人相关费用明细	托管费	0.25	0.10	详见说明
3	基金份额持有人大会费用	管理费	0.50	0.20	详见说明
4	证券账户开户及交易费用	交易费	0.30	0.05	详见说明
5	会计师事务所审计费用及律师费	审计费	0.00	0.00	详见说明
6	信息披露费用	信披费	0.00	0.00	详见说明
1	中国证券投资基金业协会备案产品	销售服务费	0.00	0.00	详见说明
2	基金管理人及托管人相关费用明细	托管费	0.25	0.10	详见说明
3	基金份额持有人大会费用	管理费	0.50	0.20	详见说明
4	证券账户开户及交易费用	交易费	0.30	0.05	详见说明
5	会计师事务所审计费用及律师费	审计费	0.00	0.00	详见说明
6	信息披露费用	信披费	0.00	0.00	详见说明
1	中国证券投资基金业协会备案产品	销售服务费	0.00	0.00	详见说明
2	基金管理人及托管人相关费用明细	托管费	0.25	0.10	详见说明
3	基金份额持有人大会费用	管理费	0.50	0.20	详见说明
4	证券账户开户及交易费用	交易费	0.30	0.05	详见说明
5	会计师事务所审计费用及律师费	审计费	0.00	0.00	详见说明
6	信息披露费用	信披费	0.00	0.00	详见说明
1	中国证券投资基金业协会备案产品	销售服务费	0.00	0.00	详见说明
2	基金管理人及托管人相关费用明细	托管费	0.25	0.10	详见说明
3	基金份额持有人大会费用	管理费	0.50	0.20	详见说明
4	证券账户开户及交易费用	交易费	0.30	0.05	详见说明
5	会计师事务所审计费用及律师费	审计费	0.00	0.00	详见说明
6	信息披露费用	信披费	0.00	0.00	详见说明
1	中国证券投资基金业协会备案产品	销售服务费	0.00	0.00	详见说明
2	基金管理人及托管人相关费用明细	托管费	0.25	0.10	详见说明
3	基金份额持有人大会费用	管理费	0.50	0.20	详见说明
4	证券账户开户及交易费用	交易费	0.30	0.05	详见说明
5	会计师事务所审计费用及律师费	审计费	0.00	0.00	详见说明
6	信息披露费用	信披费	0.00	0.00	详见说明
1	中国证券投资基金业协会备案产品	销售服务费	0.00	0.00	详见说明
2	基金管理人及托管人相关费用明细	托管费	0.25	0.10	详见说明
3	基金份额持有人大会费用	管理费	0.50	0.20	详见说明
4	证券账户开户及交易费用	交易费	0.30	0.05	详见说明
5	会计师事务所审计费用及律师费	审计费	0.00	0.00	详见说明
6	信息披露费用	信披费	0.00	0.00	详见说明
1	中国证券投资基金业协会备案产品	销售服务费	0.00	0.00	详见说明
2	基金管理人及托管人相关费用明细	托管费	0.25	0.10	详见说明
3	基金份额持有人大会费用	管理费	0.50	0.20	详见说明
4	证券账户开户及交易费用	交易费	0.30	0.05	详见说明
5	会计师事务所审计费用及律师费	审计费	0.00	0.00	详见说明
6	信息披露费用	信披费	0.00	0.00	详见说明
1	中国证券投资基金业协会备案产品	销售服务费	0.00	0.00	详见说明
2	基金管理人及托管人相关费用明细	托管费	0.25	0.10	详见说明
3	基金份额持有人大会费用	管理费	0.50	0.20	详见说明
4	证券账户开户及交易费用	交易费	0.30	0.05	详见说明
5	会计师事务所审计费用及律师费	审计费	0.00	0.00	详见说明
6	信息披露费用	信披费	0.00	0.00	详见说明
1	中国证券投资基金业协会备案产品	销售服务费	0.00	0.00	详见说明
2	基金管理人及托管人相关费用明细	托管费	0.25	0.10	详见说明
3	基金份额持有人大会费用	管理费	0.50	0.20	详见说明
4	证券账户开户及交易费用	交易费	0.30	0.05	详见说明
5	会计师事务所审计费用及律师费	审计费	0.00	0.00	详见说明
6	信息披露费用	信披费	0.00	0.00	详见说明
1	中国证券投资基金业协会备案产品	销售服务费	0.00	0.00	详见说明
2	基金管理人及托管人相关费用明细	托管费	0.25	0.10	详见说明
3	基金份额持有人大会费用	管理费	0.50	0.20	详见说明
4	证券账户开户及交易费用	交易费	0.30	0.05	详见说明
5	会计师事务所审计费用及律师费	审计费	0.00	0.00	详见说明
6	信息披露费用	信披费	0.00	0.00	详见说明
1	中国证券投资基金业协会备案产品	销售服务费	0.00	0.00	详见说明
2	基金管理人及托管人相关费用明细	托管费	0.25	0.10	详见说明
3	基金份额持有人大会费用	管理费	0.50	0.20	详见说明

3	基金份额持有人大会费用	管理费	0.50	0.20	详见说明
4	证券账户开户及交易费用	交易费	0.30	0.05	详见说明
5	会计师事务所审计费用及律师费	审计费	0.00	0.00	详见说明
6	信息披露费用	信披费	0.00	0.00	详见说明
1	中国证券投资基金业协会备案产品	销售服务费	0.00	0.00	详见说明
2	基金管理人及托管人相关费用明细	托管费	0.25	0.10	详见说明
3	基金份额持有人大会费用	管理费	0.50	0.20	详见说明
4	证券账户开户及交易费用	交易费	0.30	0.05	详见说明
5	会计师事务所审计费用及律师费	审计费	0.00	0.00	详见说明
6	信息披露费用	信披费	0.00	0.00	详见说明
1	中国证券投资基金业协会备案产品	销售服务费	0.00	0.00	详见说明
2	基金管理人及托管人相关费用明细	托管费	0.25	0.10	详见说明
3	基金份额持有人大会费用	管理费	0.50	0.20	详见说明
4	证券账户开户及交易费用	交易费	0.30	0.05	详见说明
5	会计师事务所审计费用及律师费	审计费	0.00	0.00	详见说明
6	信息披露费用	信披费	0.00	0.00	详见说明
1	中国证券投资基金业协会备案产品	销售服务费	0.00	0.00	详见说明
2	基金管理人及托管人相关费用明细	托管费	0.25	0.10	详见说明
3	基金份额持有人大会费用	管理费	0.50	0.20	详见说明
4	证券账户开户及交易费用	交易费	0.30	0.05	详见说明
5	会计师事务所审计费用及律师费	审计费	0.00	0.00	详见说明
6	信息披露费用	信披费	0.00	0.00	详见说明
1	中国证券投资基金业协会备案产品	销售服务费	0.00	0.00	详见说明
2	基金管理人及托管人相关费用明细	托管费	0.25	0.10	详见说明
3	基金份额持有人大会费用	管理费	0.50	0.20	详见说明
4	证券账户开户及交易费用	交易费	0.30	0.05	详见说明
5	会计师事务所审计费用及律师费	审计费	0.00	0.00	详见说明
6	信息披露费用	信披费	0.00	0.00	详见说明
1	中国证券投资基金业协会备案产品	销售服务费	0.00	0.00	详见说明
2	基金管理人及托管人相关费用明细	托管费	0.25	0.10	详见说明
3	基金份额持有人大会费用	管理费	0.50	0.20	详见说明
4	证券账户开户及交易费用	交易费	0.30	0.05	详见说明
5	会计师事务所审计费用及律师费	审计费	0.00	0.00	详见说明
6	信息披露费用	信披费	0.00	0.00	详见说明
1	中国证券投资基金业协会备案产品	销售服务费	0.00	0.00	详见说明
2	基金管理人及托管人相关费用明细	托管费	0.25	0.10	详见说明
3	基金份额持有人大会费用	管理费	0.50	0.20	详见说明
4	证券账户开户及交易费用	交易费	0.30	0.05	详见说明
5	会计师事务所审计费用及律师费	审计费	0.00	0.00	详见说明
6	信息披露费用	信披费	0.00	0.00	详见说明
1	中国证券投资基金业协会备案产品	销售服务费	0.00	0.00	详见说明
2	基金管理人及托管人相关费用明细	托管费	0.25	0.10	详见说明
3	基金份额持有人大会费用	管理费	0.50	0.20	详见说明
4	证券账户开户及交易费用	交易费	0.30	0.05	详见说明
5	会计师事务所审计费用及律师费	审计费	0.00	0.00	详见说明
6	信息披露费用	信披费	0.00	0.00	详见说明
1	中国证券投资基金业协会备案产品	销售服务费	0.00	0.00	详见说明
2	基金管理人及托管人相关费用明细	托管费	0.25	0.10	详见说明
3	基金份额持有人大会费用	管理费	0.50	0.20	详见说明
4	证券账户开户及交易费用	交易费	0.30	0.05	详见说明
5	会计师事务所审计费用及律师费	审计费	0.00	0.00	详见说明
6	信息披露费用	信披费	0.00	0.00	详见说明
1	中国证券投资基金业协会备案产品	销售服务费	0.00	0.00	详见说明
2	基金管理人及托管人相关费用明细	托管费	0.25	0.10	详见说明
3	基金份额持有人大会费用	管理费	0.50	0.20	详见说明
4	证券账户开户及交易费用	交易费	0.30	0.05	详见说明
5	会计师事务所审计费用及律师费	审计费	0.00	0.00	详见说明
6	信息披露费用	信披费	0.00	0.00	详见说明
1	中国证券投资基金业协会备案产品	销售服务费	0.00	0.00	详见说明
2	基金管理人及托管人相关费用明细	托管费	0.25	0.10	详见说明
3	基金份额持有人大会费用	管理费	0.50	0.20	详见说明
4	证券账户开户及交易费用	交易费	0.30	0.05	详见说明
5	会计师事务所审计费用及律师费	审计费	0.00	0.00	详见说明
6	信息披露费用	信披费	0.00	0.00	详见说明
1	中国证券投资基金业协会备案产品	销售服务费	0.00	0.00	详见说明
2	基金管理人及托管人相关费用明细	托管费	0.25	0.10	详见说明
3	基金份额持有人大会费用	管理费	0.50	0.20	详见说明
4	证券账户开户及交易费用	交易费	0.30	0.05	详见说明
5	会计师事务所审计费用及律师费	审计费	0.00	0.00	详见说明
6	信息披露费用	信披费	0.00	0.00	详见说明
1	中国证券投资基金业协会备案产品	销售服务费	0.00	0.00	详见说明
2	基金管理人及托管人相关费用明细	托管费	0.25	0.10	详见说明
3	基金份额持有人大会费用	管理费	0.50	0.20	详见说明
4	证券账户开户及交易费用	交易费	0.30	0.05	详见说明
5	会计师事务所审计费用及律师费	审计费	0.00	0.00	详见说明
6	信息披露费用	信披费	0.00	0.00	详见说明
1	中国证券投资基金业协会备案产品	销售服务费	0.00	0.00	详见说明
2	基金管理人及托管人相关费用明细	托管费	0.25	0.10	详见说明
3	基金份额持有人大会费用	管理费	0.50	0.20	详见说明
4	证券账户开户及交易费用	交易费	0.30	0.05	详见说明
5	会计师事务所审计费用及律师费	审计费	0.00	0.00	详见说明
6	信息披露费用	信披费	0.00	0.00	详见说明
1	中国证券投资基金业协会备案产品	销售服务费	0.00	0.00	详见说明
2	基金管理人及托管人相关费用明细	托管费	0.25	0.10	详见说明
3	基金份额持有人大会费用	管理费	0.50	0.20	详见说明
4	证券账户开户及交易费用	交易费	0.30	0.05	详见说明
5	会计师事务所审计费用及律师费	审计费	0.00	0.00	详见说明
6	信息披露费用	信披费	0.00	0.00	详见说明
1	中国证券投资基金业协会备案产品	销售服务费	0.00	0.00	详见说明
2	基金管理人及托管人相关费用明细	托管费	0.25	0.10	详见说明
3	基金份额持有人大会费用	管理费	0.50	0.20	详见说明
4	证券账户开户及交易费用	交易费	0.30	0.05	详见说明
5	会计师事务所审计费用及律师费	审计费	0.00	0.00	详见说明
6	信息披露费用	信披费	0.00	0.00	详见说明
1	中国证券投资基金业协会备案产品	销售服务费	0.00	0.00	详见说明
2	基金管理人及托管人相关费用明细	托管费	0.25	0.10	详见说明
3	基金份额持有人大会费用	管理费	0.50	0.20	详见说明
4	证券账户开户及交易费用	交易费	0.30	0.05	详见说明
5	会计师事务所审计费用及律师费	审计费	0.00	0.00	详见说明
6	信息披露费用	信披费	0.00	0.00	详见说明
1	中国证券投资基金业协会备案产品	销售服务费	0.00	0.00	详见说明
2	基金管理人及托管人相关费用明细	托管费	0.25	0.10	详见说明
3	基金份额持有人大会费用	管理费	0.50	0.20	详见说明
4	证券账户开户及交易费用	交易费	0.30	0.05	详见说明
5	会计师事务所审计费用及律师费	审计费	0.00	0.00	详见说明
6	信息披露费用	信披费	0.00	0.00	详见说明
1	中国证券投资基金业协会备案产品	销售服务费	0.00	0.00	详见说明
2	基金管理人及托管人相关费用明细	托管费	0.25	0.10	详见说明
3	基金份额持有人大会费用	管理费	0.50	0.20	详见说明
4	证券账户开户及交易费用	交易费	0.30	0.05	详见说明
5	会计师事务所审计费用及律师费	审计费	0.00	0.00	详见说明
6	信息披露费用	信披费	0.00	0.00	详见说明
1	中国证券投资基金业协会备案产品	销售服务费	0.00	0.00	详见说明
2	基金管理人及托管人相关费用明细	托管费	0.25	0.10	详见说明
3	基金份额持有人大会费用	管理费	0.50	0.20	详见说明
4	证券账户开户及交易费用	交易费	0.30	0.05	详见说明
5	会计师事务所审计费用及律师费	审计费	0.00	0.00	详见说明
6	信息披露费用	信披费	0.00	0.00	详见说明
1	中国证券投资基金业协会备案产品	销售服务费	0.00	0.00	详见说明
2	基金管理人及托管人相关费用明细	托管费	0.25	0.10	详见说明
3	基金份额持有人大会费用	管理费	0.50	0.20	详见说明
4	证券账户开户及交易费用	交易费	0.30	0.05	详见说明
5	会计师事务所审计费用及律师费	审计费	0.00	0.00	详见说明
6	信息披露费用	信披费	0.00	0.00	详见说明
1	中国证券投资基金业协会备案产品	销售服务费	0.00	0.00	详见说明
2	基金管理人及托管人相关费用明细	托管费	0.25	0.10	详见说明
3	基金份额持有人大会费用	管理费	0.50	0.20	详见说明
4	证券账户开户及交易费用	交易费	0.30	0.05	详见说明
5	会计师事务所审计费用及律师费	审计费	0.00	0.00	详见说明
6	信息披露费用	信披费	0.00	0.00	详见说明
1	中国证券投资基金业协会备案产品	销售服务费	0.00	0.00	详见说明
2	基金管理人及托管人相关费用明细	托管费	0.25	0.10	详见说明
3	基金份额持有人大会费用	管理费	0.50	0.20	详见说明
4	证券账户开户及交易费用	交易费	0.30	0.05	详见说明
5	会计师事务所审计费用及律师费	审计费	0.00	0.00	详见说明
6	信息披露费用	信披费	0.00	0.00	详见说明
1	中国证券投资基金业协会备案产品	销售服务费	0.00	0.00	详见说明
2	基金管理人及托管人相关费用明细	托管费	0.25	0.10	详见说明
3	基金份额持有人大会费用	管理费	0.50	0.20	详见说明
4	证券账户开户及交易费用	交易费	0.30	0.05	详见说明
5	会计师事务所审计费用及律师费	审计费	0.00	0.00	详见说明
6	信息披露费用	信披费	0.00	0.00	详见说明
1	中国证券投资基金业协会备案产品	销售服务费	0.00	0.00	详见说明
2	基金管理人及托管人相关费用明细	托管费	0.25	0.10	详见说明
3	基金份额持有人大会费用	管理费	0.50	0.20	详见说明
4	证券账户开户及交易费用	交易费	0.30	0.05	详见说明
5	会计师事务所审计费用及律师费	审计费	0.00	0.00	详见说明
6	信息披露费用	信披费	0.00	0.00	详见说明
1	中国证券投资基金业协会备案产品	销售服务费	0.00	0.00	详见说明
2	基金管理人及托管人相关费用明细	托管费	0.25	0.10	详见说明
3	基金份额持有人大会费用	管理费	0.50	0.20	详见说明
4	证券账户开户及交易费用	交易费	0.30	0.05	详见说明
5	会计师事务所审计费用及律师费	审计费	0.00	0.00	详见说明
6	信息披露费用	信披费	0.00	0.00	详见说明
1	中国证券投资基金业协会备案产品	销售服务费	0.00	0.00	详见说明
2	基金管理人及托管人相关费用明细	托管费	0.25	0.10	详见说明
3	基金份额持有人大会费用	管理费	0.50	0.20	详见说明
4	证券账户开户及交易费用	交易费	0.30	0.05	详见说明
5	会计师事务所审计费用及律师费	审计费	0.00	0.00	详见说明
6	信息披露费用	信披费	0.00	0.00	详见说明
1	中国证券投资基金业协会备案产品	销售服务费	0.00	0.00	详见说明
2	基金管理人及托管人相关费用明细	托管费	0.25	0.10	详见说明
3	基金份额持有人大会费用	管理费	0.50	0.20	详见说明
4	证券账户开户及交易费用	交易费	0.30	0.05	详见说明
5	会计师事务所审计费用及律师费	审计费	0.00	0.00	详见说明
6	信息披露费用	信披费	0.00	0.00	详见说明
1	中国证券投资基金业协会备案产品	销售服务费	0.00	0.00	详见说明
2	基金管理人及托管人相关费用明细	托管费	0.25	0.10	详见说明
3	基金份额持有人大会费用	管理费	0.50	0.20	详见说明
4	证券账户开户及交易费用	交易费	0.30	0.05	详见说明
5	会计师事务所审计费用及律师费	审计费	0.00	0.00	详见说明

(下转A73版)
